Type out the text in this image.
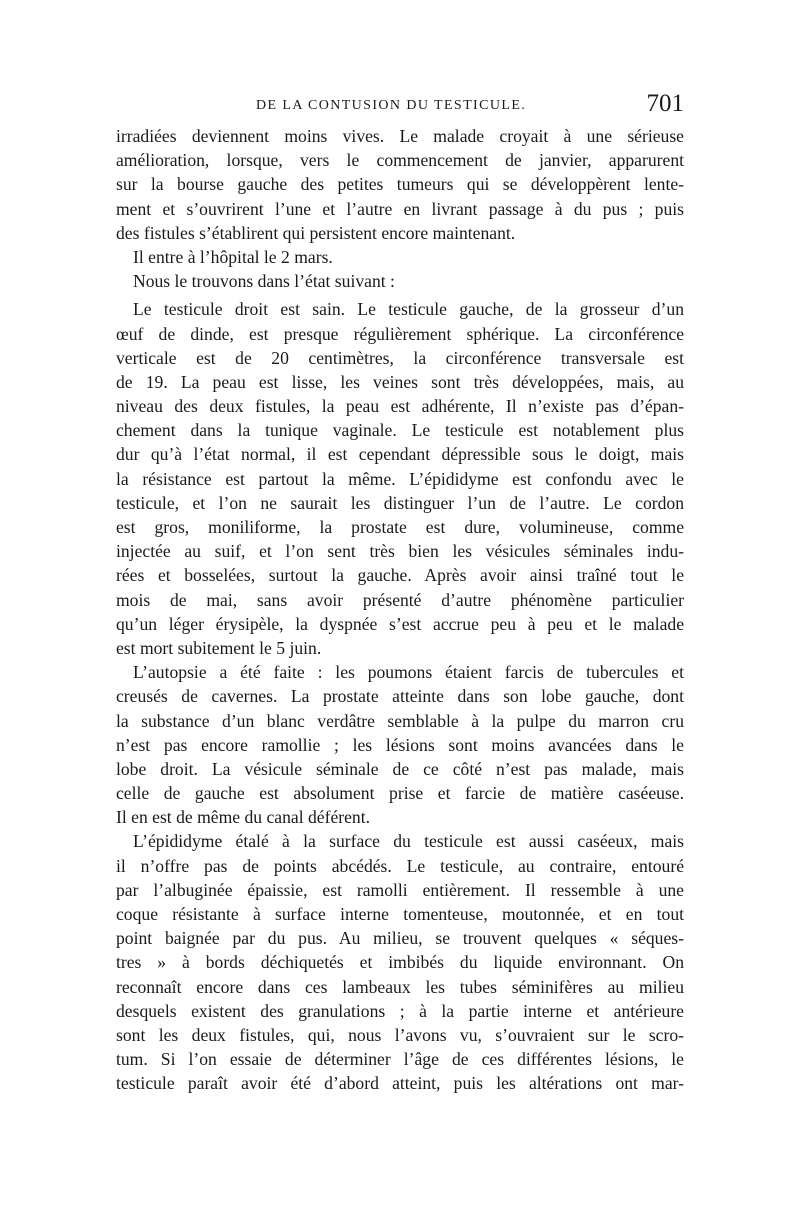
DE LA CONTUSION DU TESTICULE.	701
irradiées deviennent moins vives. Le malade croyait à une sérieuse
amélioration, lorsque, vers le commencement de janvier, apparurent
sur la bourse gauche des petites tumeurs qui se développèrent lente-
ment et s’ouvrirent l’une et l’autre en livrant passage à du pus ; puis
des fistules s’établirent qui persistent encore maintenant.
Il entre à l’hôpital le 2 mars.
Nous le trouvons dans l’état suivant :
Le testicule droit est sain. Le testicule gauche, de la grosseur d’un
œuf de dinde, est presque régulièrement sphérique. La circonférence
verticale est de 20 centimètres, la circonférence transversale est
de 19. La peau est lisse, les veines sont très développées, mais, au
niveau des deux fistules, la peau est adhérente, Il n’existe pas d’épan-
chement dans la tunique vaginale. Le testicule est notablement plus
dur qu’à l’état normal, il est cependant dépressible sous le doigt, mais
la résistance est partout la même. L’épididyme est confondu avec le
testicule, et l’on ne saurait les distinguer l’un de l’autre. Le cordon
est gros, moniliforme, la prostate est dure, volumineuse, comme
injectée au suif, et l’on sent très bien les vésicules séminales indu-
rées et bosselées, surtout la gauche. Après avoir ainsi traîné tout le
mois de mai, sans avoir présenté d’autre phénomène particulier
qu’un léger érysipèle, la dyspnée s’est accrue peu à peu et le malade
est mort subitement le 5 juin.
L’autopsie a été faite : les poumons étaient farcis de tubercules et
creusés de cavernes. La prostate atteinte dans son lobe gauche, dont
la substance d’un blanc verdâtre semblable à la pulpe du marron cru
n’est pas encore ramollie ; les lésions sont moins avancées dans le
lobe droit. La vésicule séminale de ce côté n’est pas malade, mais
celle de gauche est absolument prise et farcie de matière caséeuse.
Il en est de même du canal déférent.
L’épididyme étalé à la surface du testicule est aussi caséeux, mais
il n’offre pas de points abcédés. Le testicule, au contraire, entouré
par l’albuginée épaissie, est ramolli entièrement. Il ressemble à une
coque résistante à surface interne tomenteuse, moutonnée, et en tout
point baignée par du pus. Au milieu, se trouvent quelques « séques-
tres » à bords déchiquetés et imbibés du liquide environnant. On
reconnaît encore dans ces lambeaux les tubes séminifères au milieu
desquels existent des granulations ; à la partie interne et antérieure
sont les deux fistules, qui, nous l’avons vu, s’ouvraient sur le scro-
tum. Si l’on essaie de déterminer l’âge de ces différentes lésions, le
testicule paraît avoir été d’abord atteint, puis les altérations ont mar-
